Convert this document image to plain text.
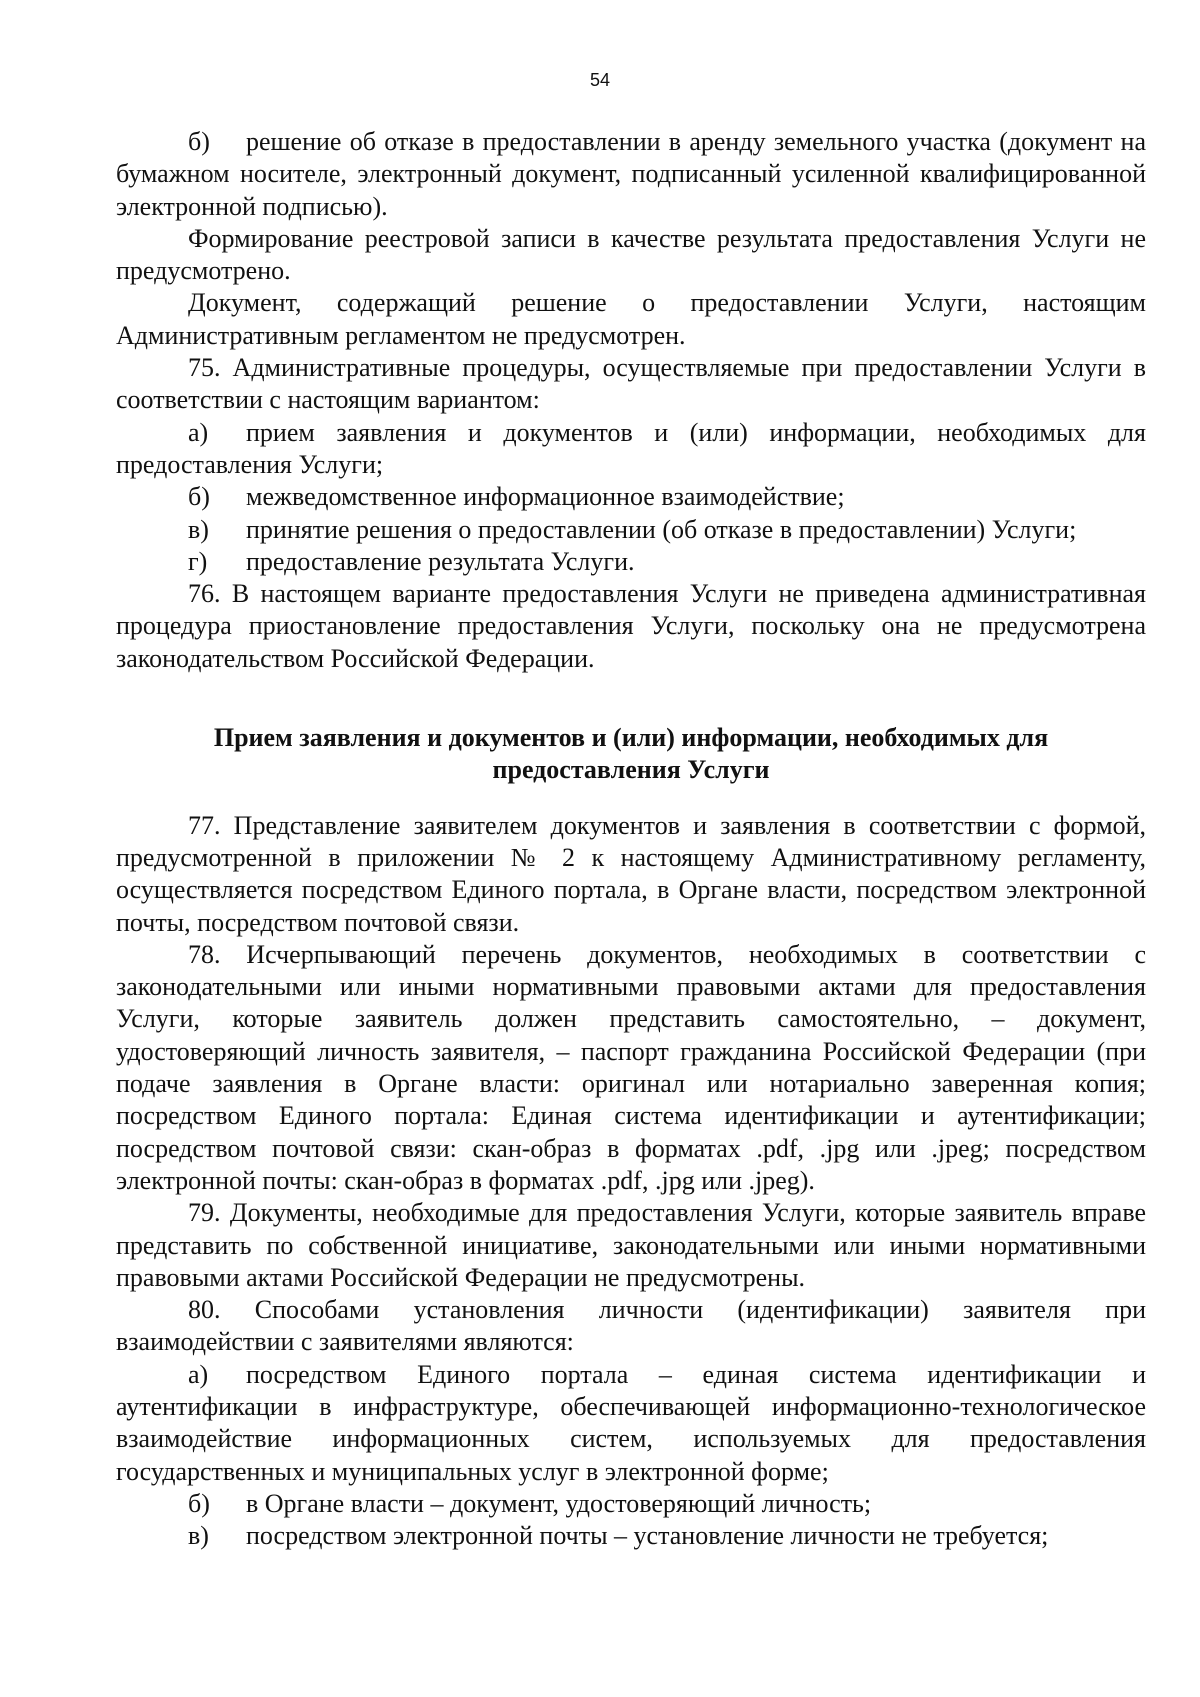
54

б) решение об отказе в предоставлении в аренду земельного участка (документ на бумажном носителе, электронный документ, подписанный усиленной квалифицированной электронной подписью).

Формирование реестровой записи в качестве результата предоставления Услуги не предусмотрено.

Документ, содержащий решение о предоставлении Услуги, настоящим Административным регламентом не предусмотрен.

75. Административные процедуры, осуществляемые при предоставлении Услуги в соответствии с настоящим вариантом:

а) прием заявления и документов и (или) информации, необходимых для предоставления Услуги;

б) межведомственное информационное взаимодействие;

в) принятие решения о предоставлении (об отказе в предоставлении) Услуги;

г) предоставление результата Услуги.

76. В настоящем варианте предоставления Услуги не приведена административная процедура приостановление предоставления Услуги, поскольку она не предусмотрена законодательством Российской Федерации.

Прием заявления и документов и (или) информации, необходимых для предоставления Услуги

77. Представление заявителем документов и заявления в соответствии с формой, предусмотренной в приложении № 2 к настоящему Административному регламенту, осуществляется посредством Единого портала, в Органе власти, посредством электронной почты, посредством почтовой связи.

78. Исчерпывающий перечень документов, необходимых в соответствии с законодательными или иными нормативными правовыми актами для предоставления Услуги, которые заявитель должен представить самостоятельно, – документ, удостоверяющий личность заявителя, – паспорт гражданина Российской Федерации (при подаче заявления в Органе власти: оригинал или нотариально заверенная копия; посредством Единого портала: Единая система идентификации и аутентификации; посредством почтовой связи: скан-образ в форматах .pdf, .jpg или .jpeg; посредством электронной почты: скан-образ в форматах .pdf, .jpg или .jpeg).

79. Документы, необходимые для предоставления Услуги, которые заявитель вправе представить по собственной инициативе, законодательными или иными нормативными правовыми актами Российской Федерации не предусмотрены.

80. Способами установления личности (идентификации) заявителя при взаимодействии с заявителями являются:

а) посредством Единого портала – единая система идентификации и аутентификации в инфраструктуре, обеспечивающей информационно-технологическое взаимодействие информационных систем, используемых для предоставления государственных и муниципальных услуг в электронной форме;

б) в Органе власти – документ, удостоверяющий личность;

в) посредством электронной почты – установление личности не требуется;
